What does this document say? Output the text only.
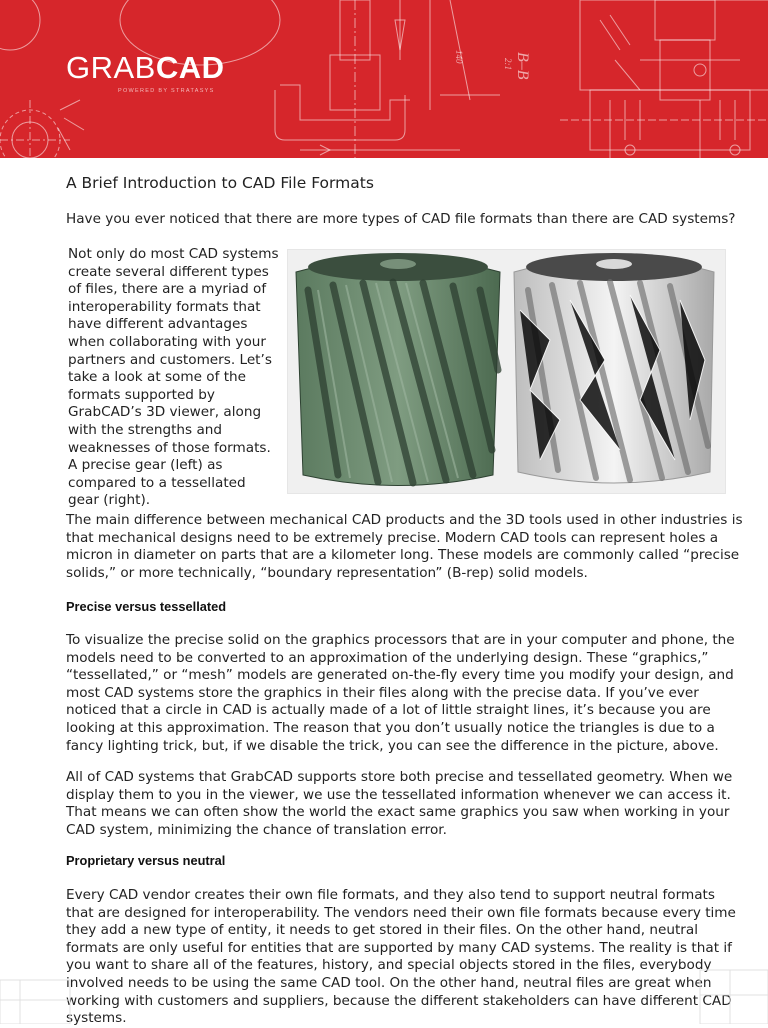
B–B
140
2:1
GRABCAD
POWERED BY STRATASYS
A Brief Introduction to CAD File Formats
Have you ever noticed that there are more types of CAD file formats than there are CAD systems?

Not only do most CAD systems create several different types of files, there are a myriad of interoperability formats that have different advantages when collaborating with your partners and customers. Let’s take a look at some of the formats supported by GrabCAD’s 3D viewer, along with the strengths and weaknesses of those formats. A precise gear (left) as compared to a tessellated gear (right).

The main difference between mechanical CAD products and the 3D tools used in other industries is that mechanical designs need to be extremely precise. Modern CAD tools can represent holes a micron in diameter on parts that are a kilometer long. These models are commonly called “precise solids,” or more technically, “boundary representation” (B-rep) solid models.

Precise versus tessellated

To visualize the precise solid on the graphics processors that are in your computer and phone, the models need to be converted to an approximation of the underlying design. These “graphics,” “tessellated,” or “mesh” models are generated on-the-fly every time you modify your design, and most CAD systems store the graphics in their files along with the precise data. If you’ve ever noticed that a circle in CAD is actually made of a lot of little straight lines, it’s because you are looking at this approximation. The reason that you don’t usually notice the triangles is due to a fancy lighting trick, but, if we disable the trick, you can see the difference in the picture, above.

All of CAD systems that GrabCAD supports store both precise and tessellated geometry. When we display them to you in the viewer, we use the tessellated information whenever we can access it. That means we can often show the world the exact same graphics you saw when working in your CAD system, minimizing the chance of translation error.

Proprietary versus neutral

Every CAD vendor creates their own file formats, and they also tend to support neutral formats that are designed for interoperability. The vendors need their own file formats because every time they add a new type of entity, it needs to get stored in their files. On the other hand, neutral formats are only useful for entities that are supported by many CAD systems. The reality is that if you want to share all of the features, history, and special objects stored in the files, everybody involved needs to be using the same CAD tool. On the other hand, neutral files are great when working with customers and suppliers, because the different stakeholders can have different CAD systems.
